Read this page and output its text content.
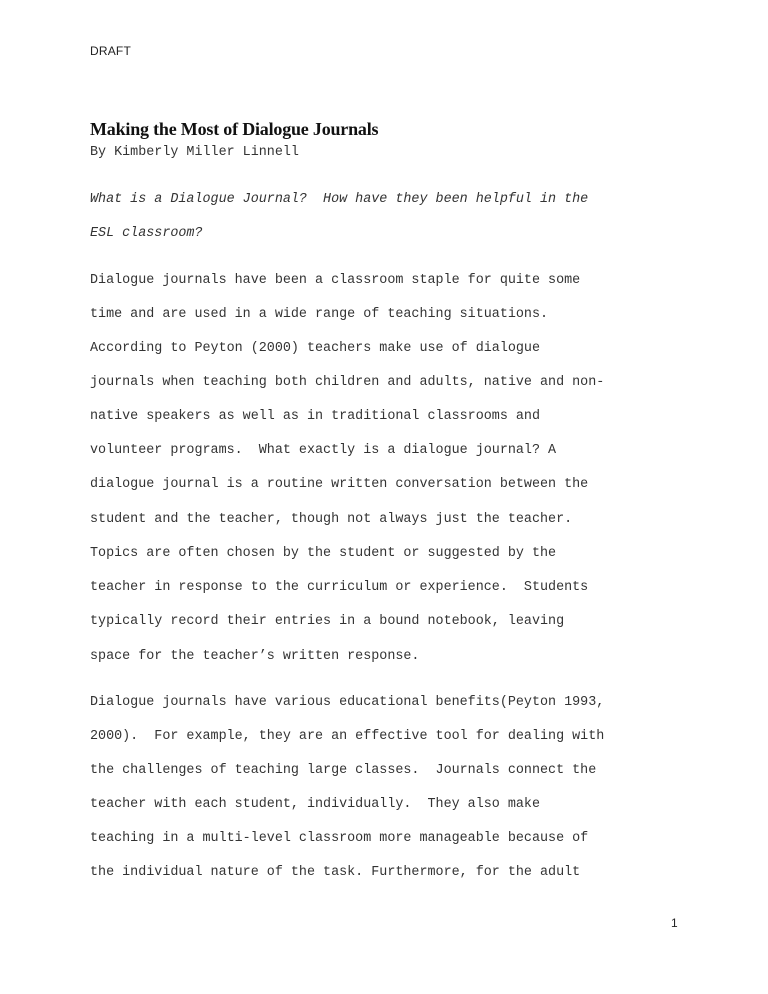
DRAFT
Making the Most of Dialogue Journals
By Kimberly Miller Linnell
What is a Dialogue Journal?  How have they been helpful in the
ESL classroom?
Dialogue journals have been a classroom staple for quite some
time and are used in a wide range of teaching situations.
According to Peyton (2000) teachers make use of dialogue
journals when teaching both children and adults, native and non-
native speakers as well as in traditional classrooms and
volunteer programs.  What exactly is a dialogue journal? A
dialogue journal is a routine written conversation between the
student and the teacher, though not always just the teacher.
Topics are often chosen by the student or suggested by the
teacher in response to the curriculum or experience.  Students
typically record their entries in a bound notebook, leaving
space for the teacher’s written response.
Dialogue journals have various educational benefits(Peyton 1993,
2000).  For example, they are an effective tool for dealing with
the challenges of teaching large classes.  Journals connect the
teacher with each student, individually.  They also make
teaching in a multi-level classroom more manageable because of
the individual nature of the task. Furthermore, for the adult
1
